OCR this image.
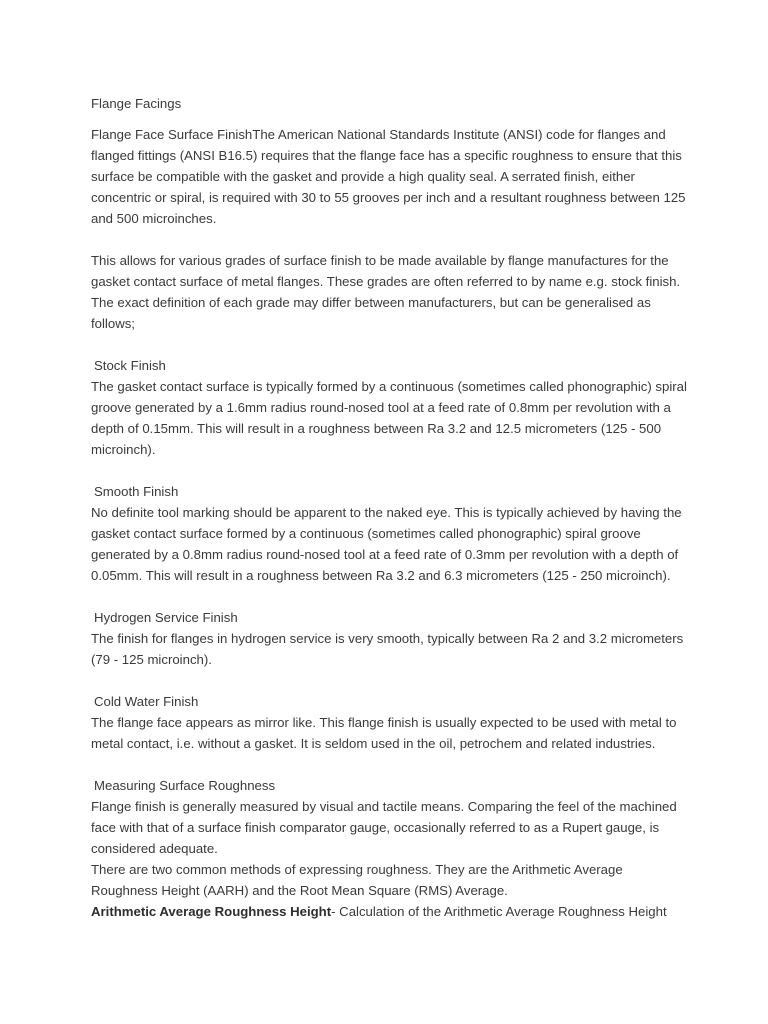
Flange Facings

Flange Face Surface FinishThe American National Standards Institute (ANSI) code for flanges and flanged fittings (ANSI B16.5) requires that the flange face has a specific roughness to ensure that this surface be compatible with the gasket and provide a high quality seal. A serrated finish, either concentric or spiral, is required with 30 to 55 grooves per inch and a resultant roughness between 125 and 500 microinches.

This allows for various grades of surface finish to be made available by flange manufactures for the gasket contact surface of metal flanges. These grades are often referred to by name e.g. stock finish. The exact definition of each grade may differ between manufacturers, but can be generalised as follows;

Stock Finish

The gasket contact surface is typically formed by a continuous (sometimes called phonographic) spiral groove generated by a 1.6mm radius round-nosed tool at a feed rate of 0.8mm per revolution with a depth of 0.15mm. This will result in a roughness between Ra 3.2 and 12.5 micrometers (125 - 500 microinch).

Smooth Finish

No definite tool marking should be apparent to the naked eye. This is typically achieved by having the gasket contact surface formed by a continuous (sometimes called phonographic) spiral groove generated by a 0.8mm radius round-nosed tool at a feed rate of 0.3mm per revolution with a depth of 0.05mm. This will result in a roughness between Ra 3.2 and 6.3 micrometers (125 - 250 microinch).

Hydrogen Service Finish

The finish for flanges in hydrogen service is very smooth, typically between Ra 2 and 3.2 micrometers (79 - 125 microinch).

Cold Water Finish

The flange face appears as mirror like. This flange finish is usually expected to be used with metal to metal contact, i.e. without a gasket. It is seldom used in the oil, petrochem and related industries.

Measuring Surface Roughness

Flange finish is generally measured by visual and tactile means. Comparing the feel of the machined face with that of a surface finish comparator gauge, occasionally referred to as a Rupert gauge, is considered adequate.

There are two common methods of expressing roughness. They are the Arithmetic Average Roughness Height (AARH) and the Root Mean Square (RMS) Average.

Arithmetic Average Roughness Height- Calculation of the Arithmetic Average Roughness Height
